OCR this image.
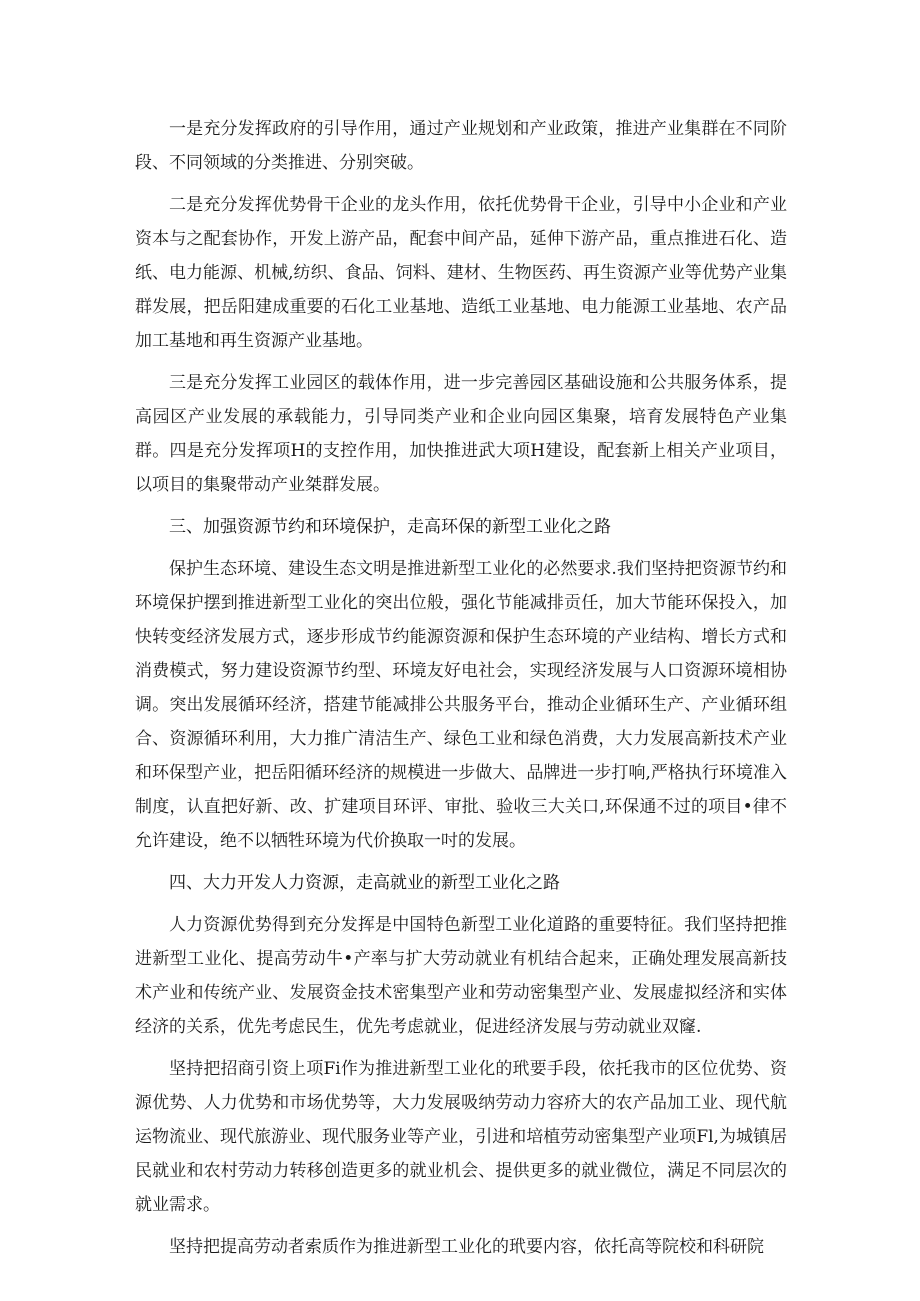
一是充分发挥政府的引导作用，通过产业规划和产业政策，推进产业集群在不同阶段、不同领域的分类推进、分别突破。

二是充分发挥优势骨干企业的龙头作用，依托优势骨干企业，引导中小企业和产业资本与之配套协作，开发上游产品，配套中间产品，延伸下游产品，重点推进石化、造纸、电力能源、机械,纺织、食品、饲料、建材、生物医药、再生资源产业等优势产业集群发展，把岳阳建成重要的石化工业基地、造纸工业基地、电力能源工业基地、农产品加工基地和再生资源产业基地。

三是充分发挥工业园区的载体作用，进一步完善园区基础设施和公共服务体系，提高园区产业发展的承载能力，引导同类产业和企业向园区集聚，培育发展特色产业集群。四是充分发挥项H的支控作用，加快推进武大项H建设，配套新上相关产业项目，以项目的集聚带动产业桀群发展。

三、加强资源节约和环境保护，走高环保的新型工业化之路

保护生态环境、建设生态文明是推进新型工业化的必然要求.我们坚持把资源节约和环境保护摆到推进新型工业化的突出位般，强化节能减排贡任，加大节能环保投入，加快转变经济发展方式，逐步形成节约能源资源和保护生态环境的产业结构、增长方式和消费模式，努力建设资源节约型、环境友好电社会，实现经济发展与人口资源环境相协调。突出发展循环经济，搭建节能减排公共服务平台，推动企业循环生产、产业循环组合、资源循环利用，大力推广清洁生产、绿色工业和绿色消费，大力发展高新技术产业和环保型产业，把岳阳循环经济的规模进一步做大、品牌进一步打响,严格执行环境准入制度，认直把好新、改、扩建项目环评、审批、验收三大关口,环保通不过的项目•律不允许建设，绝不以牺牲环境为代价换取一吋的发展。

四、大力开发人力资源，走高就业的新型工业化之路

人力资源优势得到充分发挥是中国特色新型工业化道路的重要特征。我们坚持把推进新型工业化、提高劳动牛•产率与扩大劳动就业有机结合起来，正确处理发展高新技术产业和传统产业、发展资金技术密集型产业和劳动密集型产业、发展虚拟经济和实体经济的关系，优先考虑民生，优先考虑就业，促进经济发展与劳动就业双窿.

坚持把招商引资上项Fi作为推进新型工业化的玳要手段，依托我市的区位优势、资源优势、人力优势和市场优势等，大力发展吸纳劳动力容疥大的农产品加工业、现代航运物流业、现代旅游业、现代服务业等产业，引进和培植劳动密集型产业项Fl,为城镇居民就业和农村劳动力转移创造更多的就业机会、提供更多的就业微位，满足不同层次的就业需求。

坚持把提高劳动者索质作为推进新型工业化的玳要内容，依托高等院校和科研院
